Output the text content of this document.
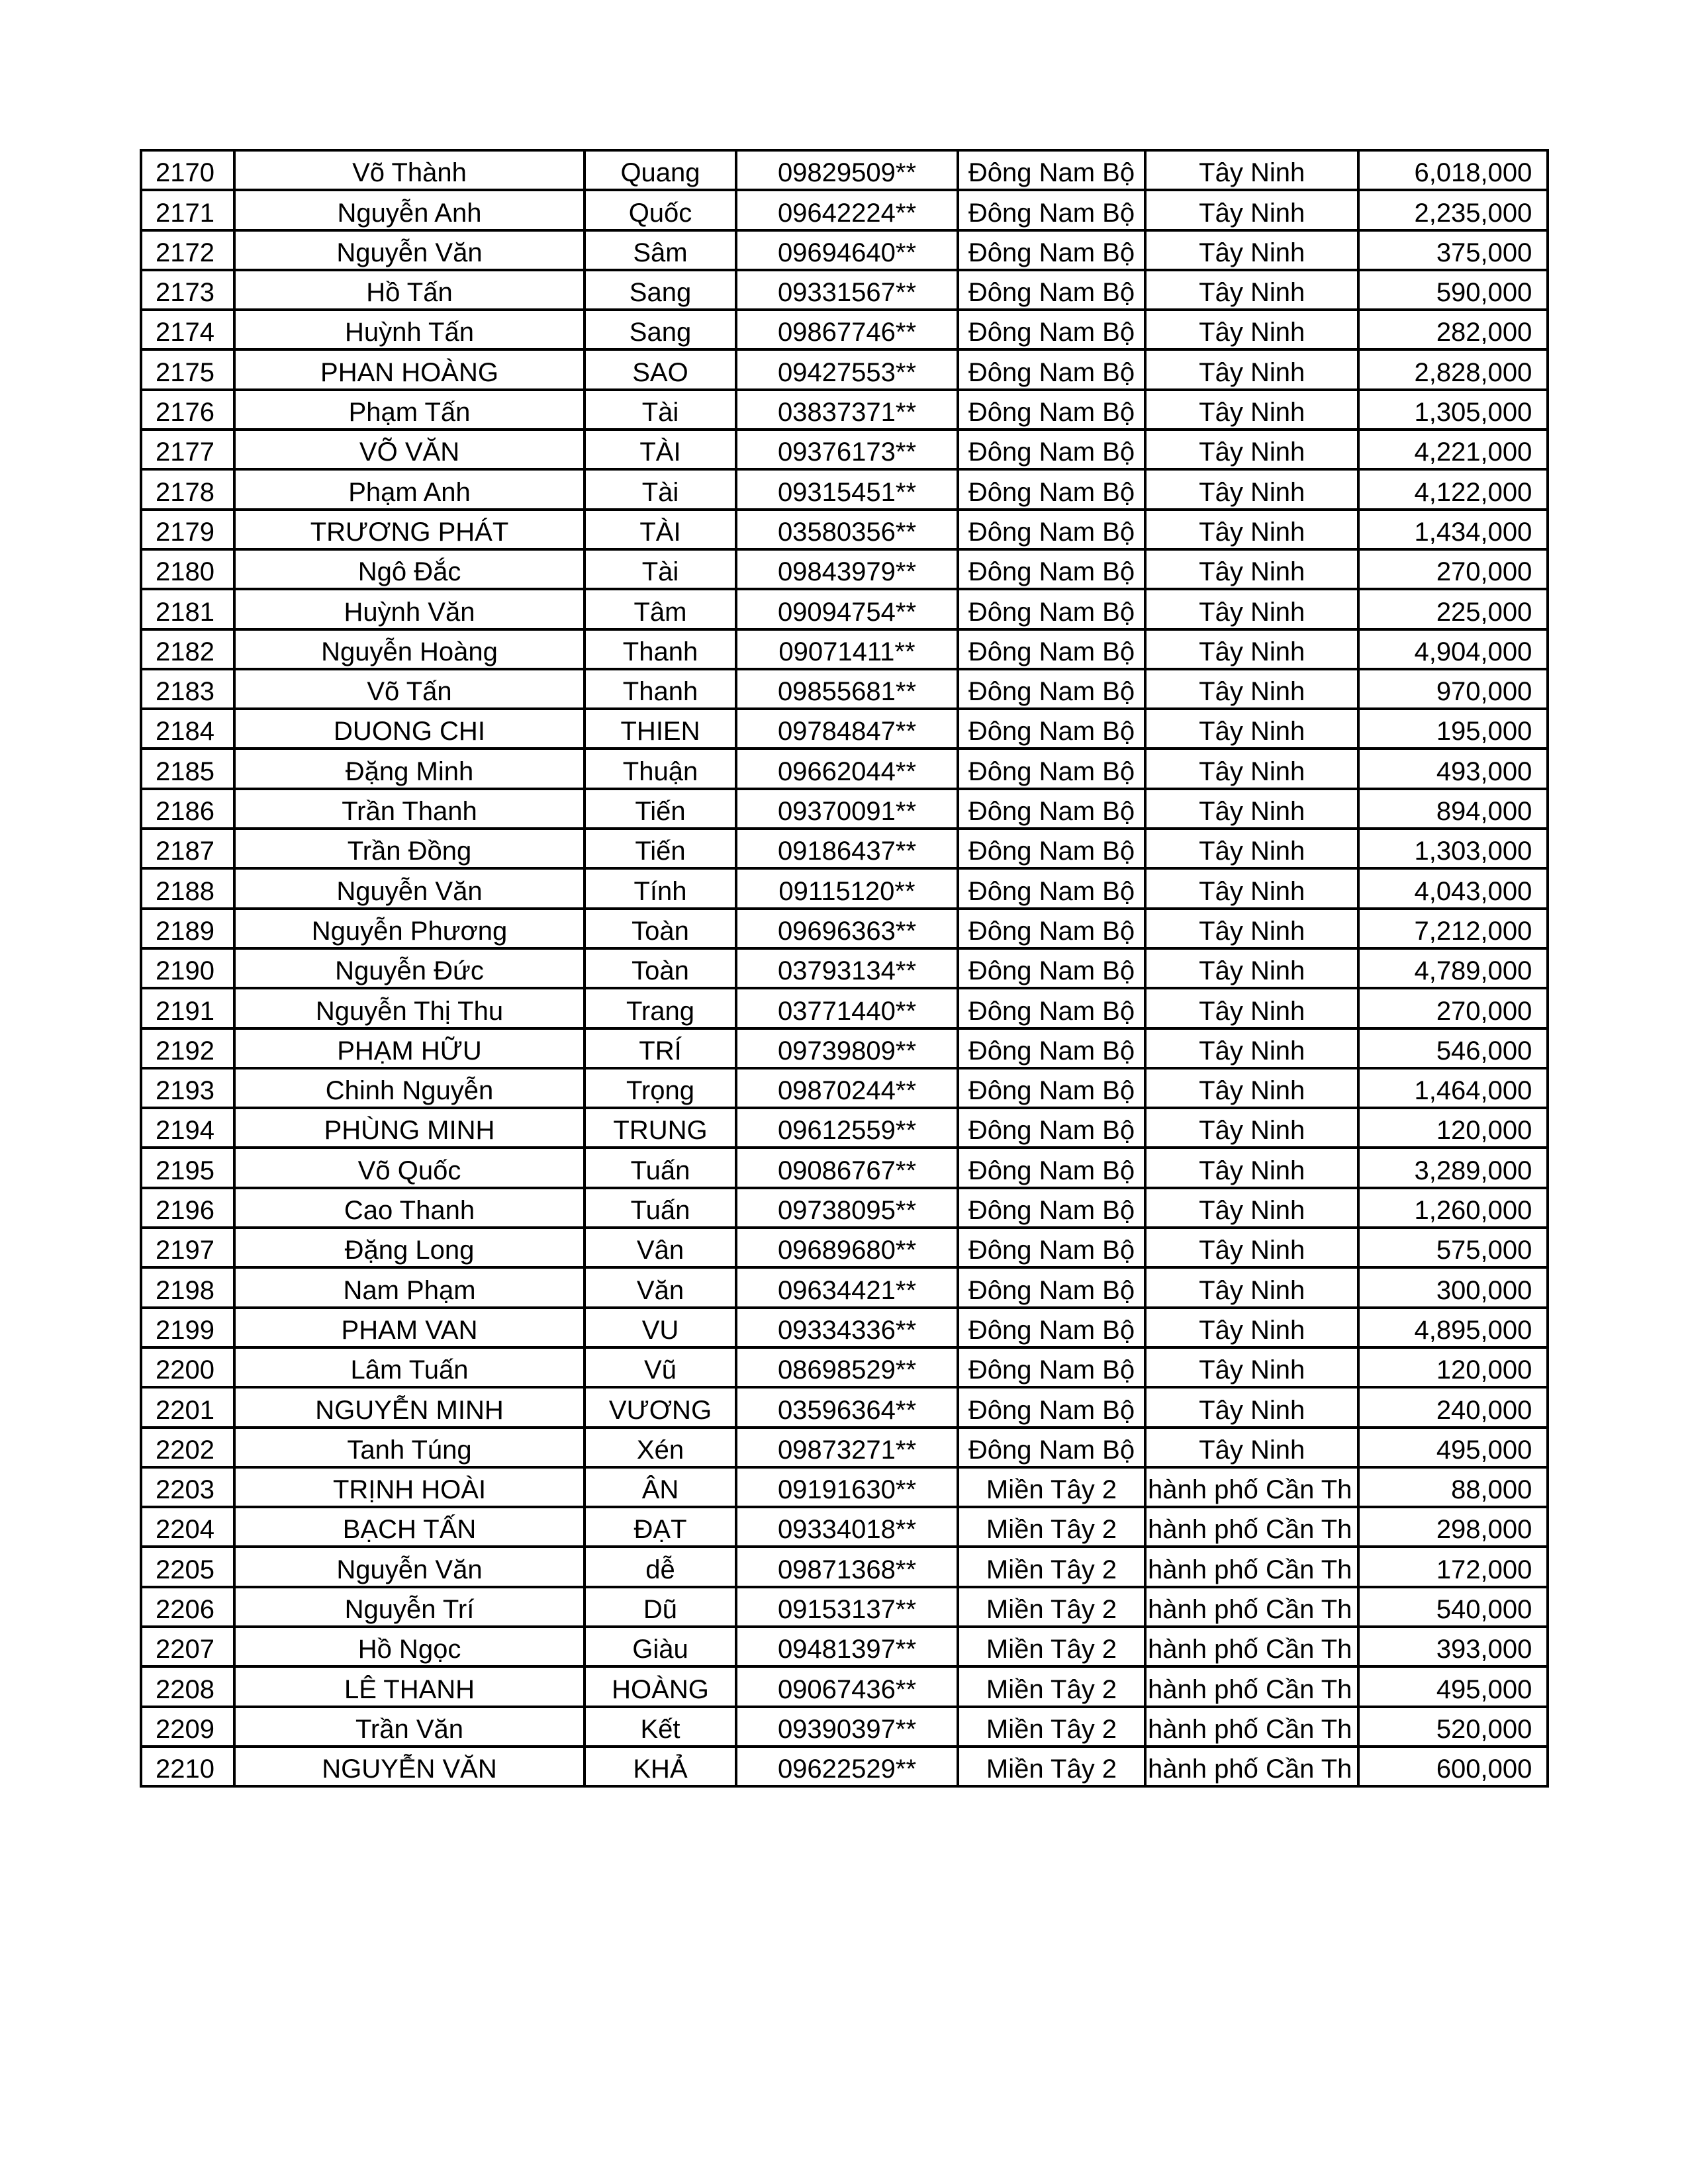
2170	Võ Thành	Quang	09829509**	Đông Nam Bộ	Tây Ninh	6,018,000
2171	Nguyễn Anh	Quốc	09642224**	Đông Nam Bộ	Tây Ninh	2,235,000
2172	Nguyễn Văn	Sâm	09694640**	Đông Nam Bộ	Tây Ninh	375,000
2173	Hồ Tấn	Sang	09331567**	Đông Nam Bộ	Tây Ninh	590,000
2174	Huỳnh Tấn	Sang	09867746**	Đông Nam Bộ	Tây Ninh	282,000
2175	PHAN HOÀNG	SAO	09427553**	Đông Nam Bộ	Tây Ninh	2,828,000
2176	Phạm Tấn	Tài	03837371**	Đông Nam Bộ	Tây Ninh	1,305,000
2177	VÕ VĂN	TÀI	09376173**	Đông Nam Bộ	Tây Ninh	4,221,000
2178	Phạm Anh	Tài	09315451**	Đông Nam Bộ	Tây Ninh	4,122,000
2179	TRƯƠNG PHÁT	TÀI	03580356**	Đông Nam Bộ	Tây Ninh	1,434,000
2180	Ngô Đắc	Tài	09843979**	Đông Nam Bộ	Tây Ninh	270,000
2181	Huỳnh Văn	Tâm	09094754**	Đông Nam Bộ	Tây Ninh	225,000
2182	Nguyễn Hoàng	Thanh	09071411**	Đông Nam Bộ	Tây Ninh	4,904,000
2183	Võ Tấn	Thanh	09855681**	Đông Nam Bộ	Tây Ninh	970,000
2184	DUONG CHI	THIEN	09784847**	Đông Nam Bộ	Tây Ninh	195,000
2185	Đặng Minh	Thuận	09662044**	Đông Nam Bộ	Tây Ninh	493,000
2186	Trần Thanh	Tiến	09370091**	Đông Nam Bộ	Tây Ninh	894,000
2187	Trần Đồng	Tiến	09186437**	Đông Nam Bộ	Tây Ninh	1,303,000
2188	Nguyễn Văn	Tính	09115120**	Đông Nam Bộ	Tây Ninh	4,043,000
2189	Nguyễn Phương	Toàn	09696363**	Đông Nam Bộ	Tây Ninh	7,212,000
2190	Nguyễn Đức	Toàn	03793134**	Đông Nam Bộ	Tây Ninh	4,789,000
2191	Nguyễn Thị Thu	Trang	03771440**	Đông Nam Bộ	Tây Ninh	270,000
2192	PHẠM HỮU	TRÍ	09739809**	Đông Nam Bộ	Tây Ninh	546,000
2193	Chinh Nguyễn	Trọng	09870244**	Đông Nam Bộ	Tây Ninh	1,464,000
2194	PHÙNG MINH	TRUNG	09612559**	Đông Nam Bộ	Tây Ninh	120,000
2195	Võ Quốc	Tuấn	09086767**	Đông Nam Bộ	Tây Ninh	3,289,000
2196	Cao Thanh	Tuấn	09738095**	Đông Nam Bộ	Tây Ninh	1,260,000
2197	Đặng Long	Vân	09689680**	Đông Nam Bộ	Tây Ninh	575,000
2198	Nam Phạm	Văn	09634421**	Đông Nam Bộ	Tây Ninh	300,000
2199	PHAM VAN	VU	09334336**	Đông Nam Bộ	Tây Ninh	4,895,000
2200	Lâm Tuấn	Vũ	08698529**	Đông Nam Bộ	Tây Ninh	120,000
2201	NGUYỄN MINH	VƯƠNG	03596364**	Đông Nam Bộ	Tây Ninh	240,000
2202	Tanh Túng	Xén	09873271**	Đông Nam Bộ	Tây Ninh	495,000
2203	TRỊNH HOÀI	ÂN	09191630**	Miền Tây 2	hành phố Cần Th	88,000
2204	BẠCH TẤN	ĐẠT	09334018**	Miền Tây 2	hành phố Cần Th	298,000
2205	Nguyễn Văn	dễ	09871368**	Miền Tây 2	hành phố Cần Th	172,000
2206	Nguyễn Trí	Dũ	09153137**	Miền Tây 2	hành phố Cần Th	540,000
2207	Hồ Ngọc	Giàu	09481397**	Miền Tây 2	hành phố Cần Th	393,000
2208	LÊ THANH	HOÀNG	09067436**	Miền Tây 2	hành phố Cần Th	495,000
2209	Trần Văn	Kết	09390397**	Miền Tây 2	hành phố Cần Th	520,000
2210	NGUYỄN VĂN	KHẢ	09622529**	Miền Tây 2	hành phố Cần Th	600,000
